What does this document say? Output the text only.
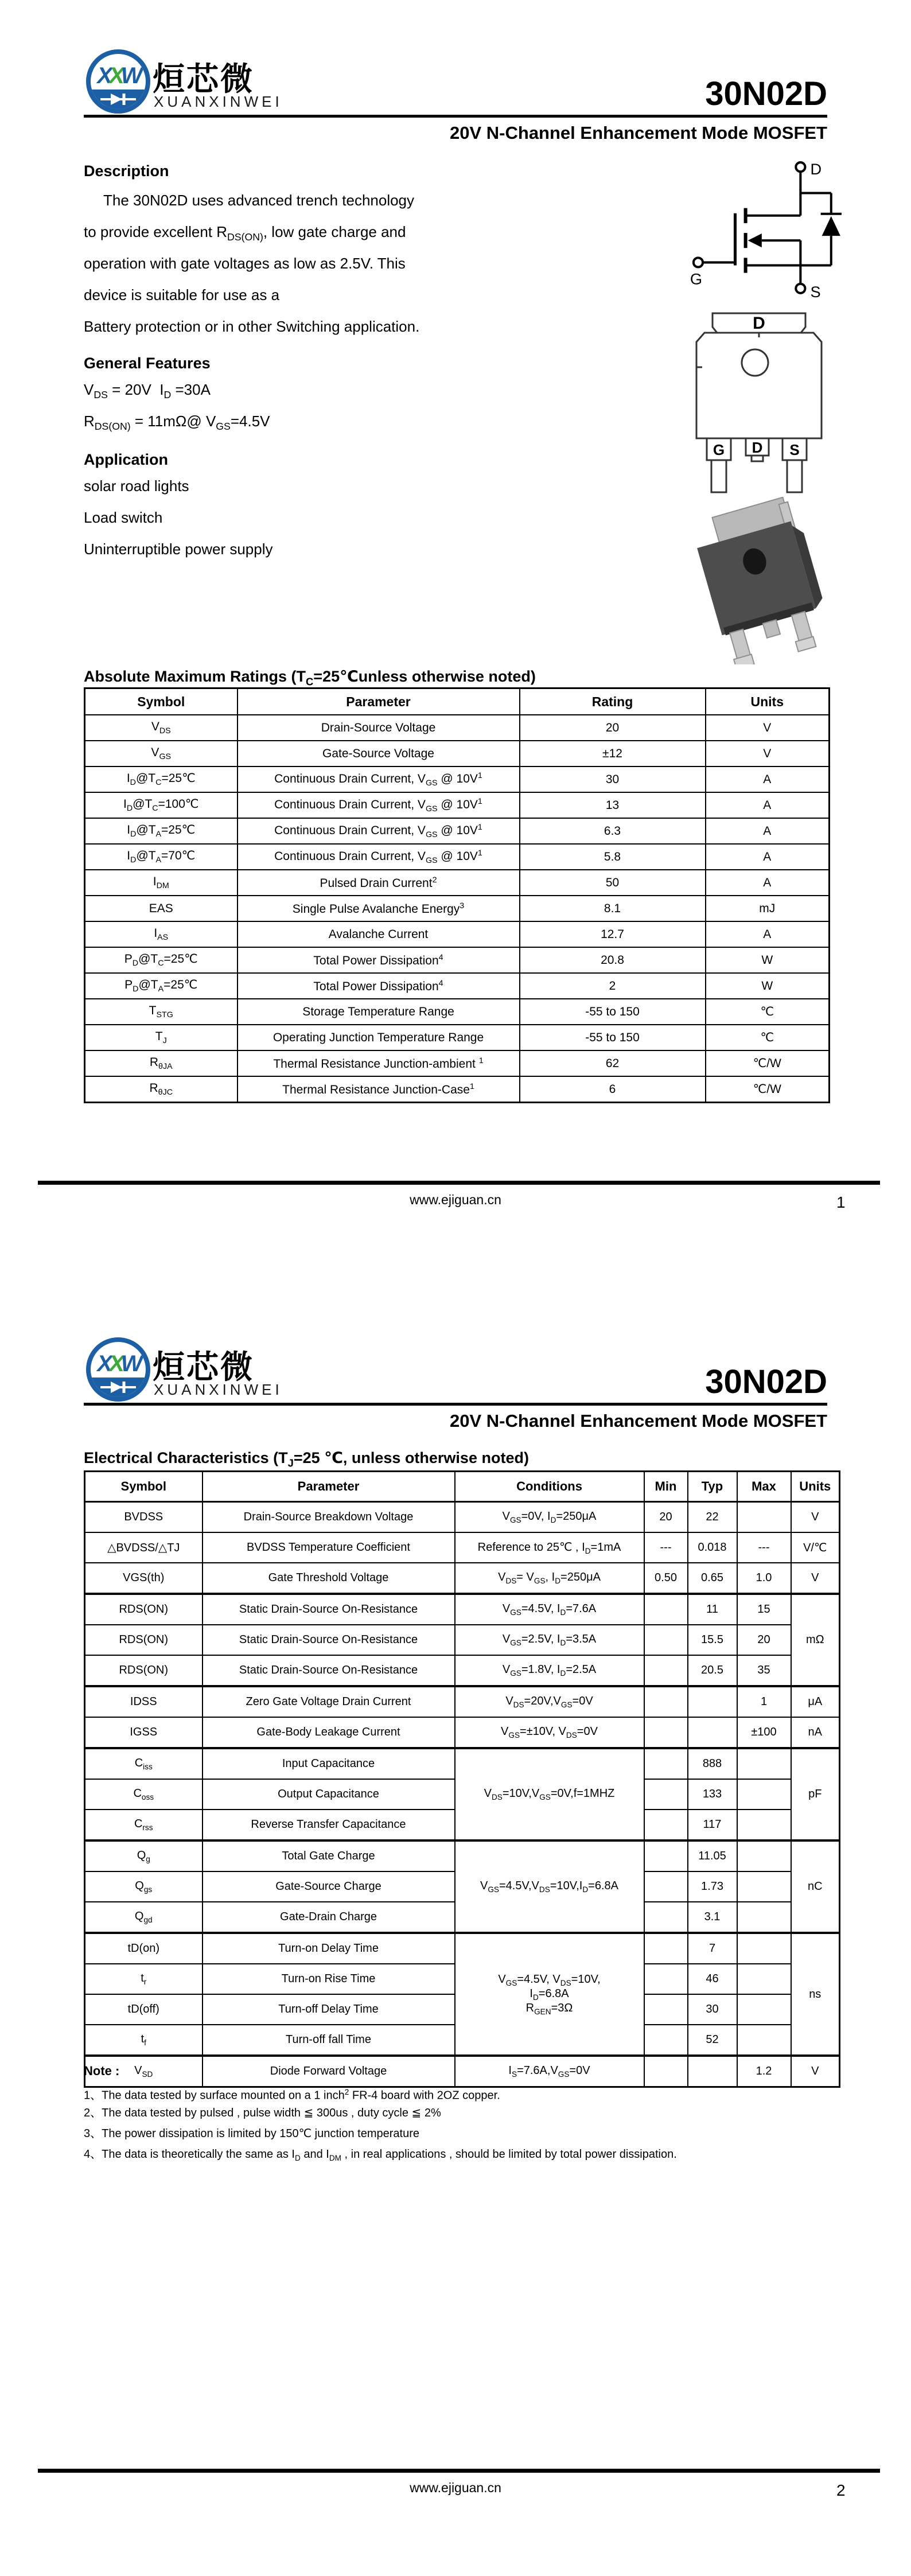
XXW 烜芯微
XUANXINWEI	30N02D
20V N-Channel Enhancement Mode MOSFET
Description
The 30N02D uses advanced trench technology
to provide excellent $R_{DS(ON)}$, low gate charge and
operation with gate voltages as low as 2.5V. This
device is suitable for use as a
Battery protection or in other Switching application.
General Features
$V_{DS} = 20V$  $I_D =30A$
$R_{DS(ON)}$ = 11mΩ@ $V_{GS}=4.5V$
Application
solar road lights
Load switch
Uninterruptible power supply
D
G
S
D
G D S
Absolute Maximum Ratings ($T_C=25℃unless$ otherwise noted)
Symbol	Parameter	Rating	Units
$V_{DS}$	Drain-Source Voltage	20	V
$V_{GS}$	Gate-Source Voltage	±12	V
$I_D@T_C=25℃$	Continuous Drain Current, $V_{GS}$ @ $10V^1$	30	A
$I_D@T_C=100℃$	Continuous Drain Current, $V_{GS}$ @ $10V^1$	13	A
$I_D@T_A=25℃$	Continuous Drain Current, $V_{GS}$ @ $10V^1$	6.3	A
$I_D@T_A=70℃$	Continuous Drain Current, $V_{GS}$ @ $10V^1$	5.8	A
$I_{DM}$	Pulsed Drain Current$^2$	50	A
EAS	Single Pulse Avalanche Energy$^3$	8.1	mJ
$I_{AS}$	Avalanche Current	12.7	A
$P_D@T_C=25℃$	Total Power Dissipation$^4$	20.8	W
$P_D@T_A=25℃$	Total Power Dissipation$^4$	2	W
$T_{STG}$	Storage Temperature Range	-55 to 150	℃
$T_J$	Operating Junction Temperature Range	-55 to 150	℃
$R_{\theta JA}$	Thermal Resistance Junction-ambient $^1$	62	℃/W
$R_{\theta JC}$	Thermal Resistance Junction-Case$^1$	6	℃/W
www.ejiguan.cn	1
XXW 烜芯微
XUANXINWEI	30N02D
20V N-Channel Enhancement Mode MOSFET
Electrical Characteristics ($T_J=25$ ℃, unless otherwise noted)
Symbol	Parameter	Conditions	Min	Typ	Max	Units
BVDSS	Drain-Source Breakdown Voltage	$V_{GS}=0V$, $I_D=250\mu A$	20	22		V
△BVDSS/△TJ	BVDSS Temperature Coefficient	Reference to 25℃ , $I_D=1mA$	---	0.018	---	V/℃
VGS(th)	Gate Threshold Voltage	$V_{DS}= V_{GS}$, $I_D=250\mu A$	0.50	0.65	1.0	V
RDS(ON)	Static Drain-Source On-Resistance	$V_{GS}=4.5V$, $I_D=7.6A$		11	15	mΩ
RDS(ON)	Static Drain-Source On-Resistance	$V_{GS}=2.5V$, $I_D=3.5A$		15.5	20	
RDS(ON)	Static Drain-Source On-Resistance	$V_{GS}=1.8V$, $I_D=2.5A$		20.5	35	
IDSS	Zero Gate Voltage Drain Current	$V_{DS}=20V,V_{GS}=0V$			1	μA
IGSS	Gate-Body Leakage Current	$V_{GS}=\pm 10V$, $V_{DS}=0V$			±100	nA
$C_{iss}$	Input Capacitance	$V_{DS}=10V,V_{GS}=0V,f=1MHZ$		888		pF
$C_{oss}$	Output Capacitance			133		
$C_{rss}$	Reverse Transfer Capacitance			117		
$Q_g$	Total Gate Charge	$V_{GS}=4.5V,V_{DS}=10V,I_D=6.8A$		11.05		nC
$Q_{gs}$	Gate-Source Charge			1.73		
$Q_{gd}$	Gate-Drain Charge			3.1		
tD(on)	Turn-on Delay Time	$V_{GS}=4.5V$, $V_{DS}=10V$,
$I_D=6.8A$
$R_{GEN}=3\Omega$		7		ns
$t_r$	Turn-on Rise Time			46		
tD(off)	Turn-off Delay Time			30		
$t_f$	Turn-off fall Time			52		
$V_{SD}$	Diode Forward Voltage	$I_S=7.6A,V_{GS}=0V$			1.2	V
Note :
1、The data tested by surface mounted on a 1 inch$^2$ FR-4 board with 2OZ copper.
2、The data tested by pulsed , pulse width ≦ 300us , duty cycle ≦ 2%
3、The power dissipation is limited by 150℃ junction temperature
4、The data is theoretically the same as $I_D$ and $I_{DM}$ , in real applications , should be limited by total power dissipation.
www.ejiguan.cn	2
